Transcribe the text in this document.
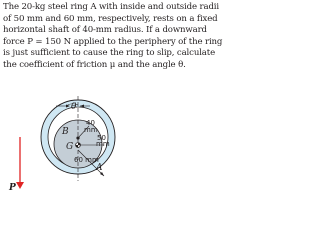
The 20-kg steel ring A with inside and outside radii
of 50 mm and 60 mm, respectively, rests on a fixed
horizontal shaft of 40-mm radius. If a downward
force P = 150 N applied to the periphery of the ring
is just sufficient to cause the ring to slip, calculate
the coefficient of friction μ and the angle θ.
θ
B
G
A
40
mm
50
mm
60 mm
P
